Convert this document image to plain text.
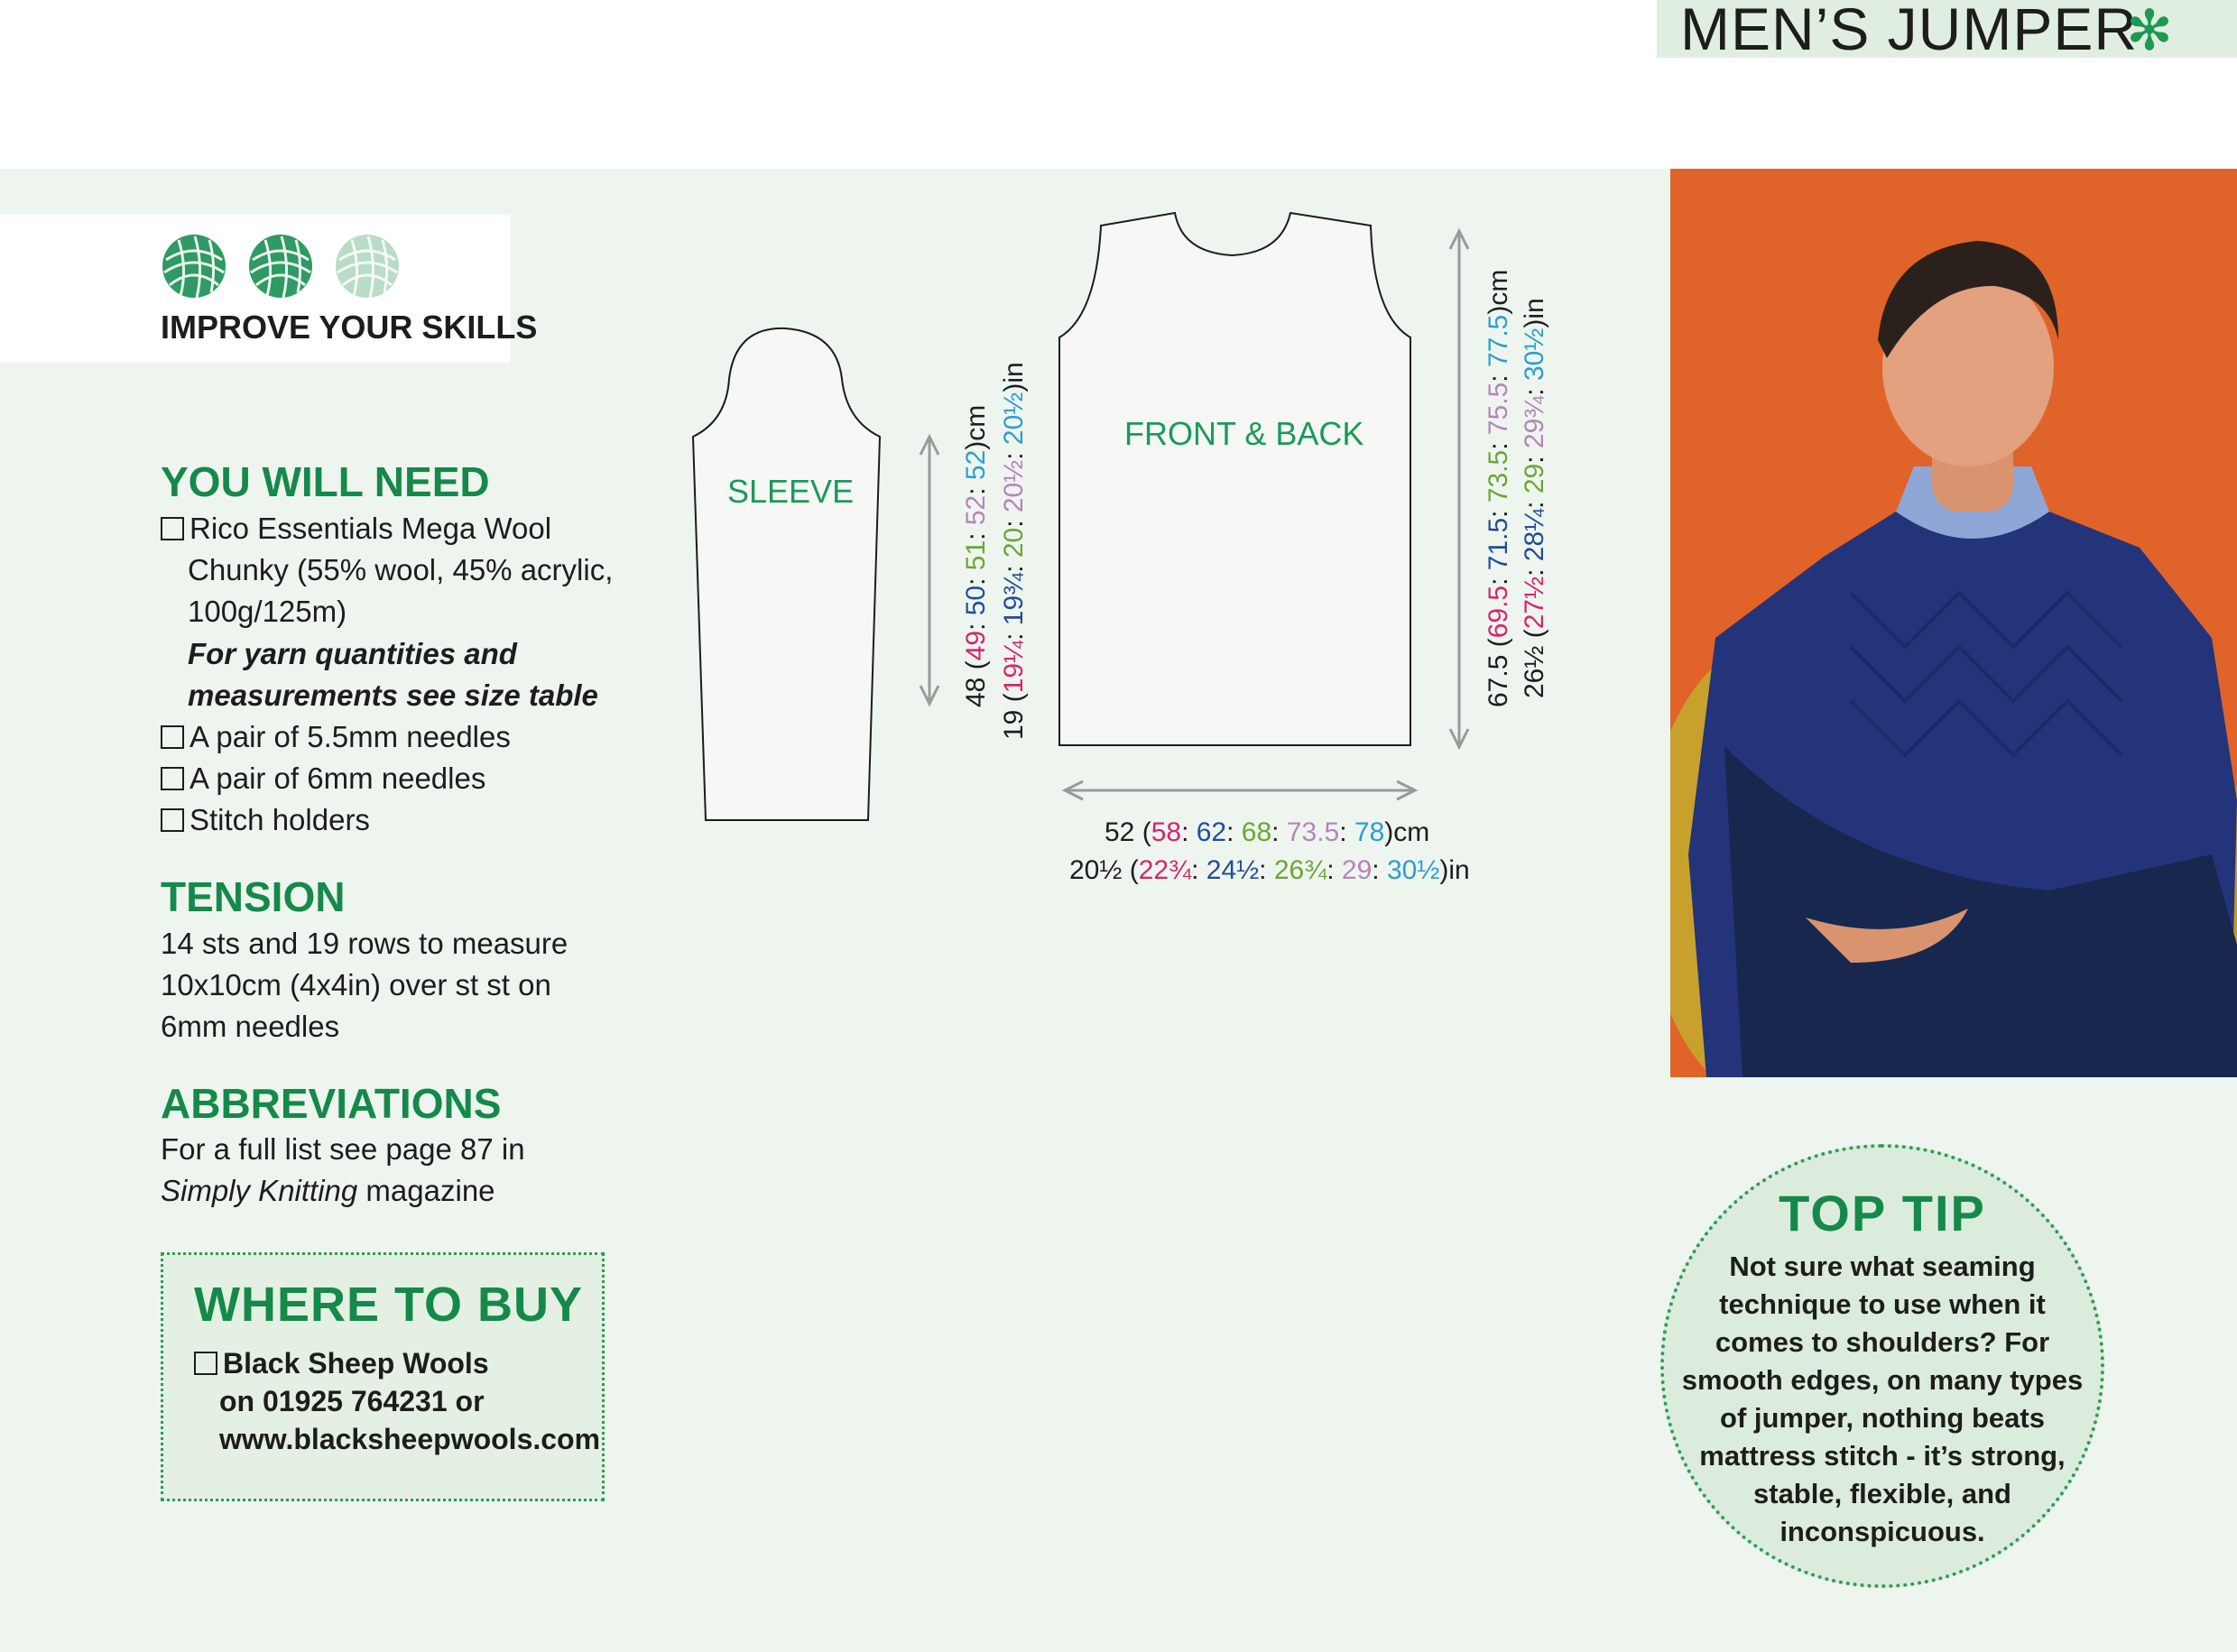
MEN’S JUMPER
✻
IMPROVE YOUR SKILLS
YOU WILL NEED
Rico Essentials Mega Wool
Chunky (55% wool, 45% acrylic,
100g/125m)
For yarn quantities and
measurements see size table
A pair of 5.5mm needles
A pair of 6mm needles
Stitch holders
TENSION
14 sts and 19 rows to measure
10x10cm (4x4in) over st st on
6mm needles
ABBREVIATIONS
For a full list see page 87 in
Simply Knitting magazine
WHERE TO BUY
Black Sheep Wools
on 01925 764231 or
www.blacksheepwools.com
SLEEVE
FRONT & BACK
48 (49: 50: 51: 52: 52)cm
19 (19¼: 19¾: 20: 20½: 20½)in
67.5 (69.5: 71.5: 73.5: 75.5: 77.5)cm
26½ (27½: 28¼: 29: 29¾: 30½)in
52 (58: 62: 68: 73.5: 78)cm
20½ (22¾: 24½: 26¾: 29: 30½)in
TOP TIP
Not sure what seaming
technique to use when it
comes to shoulders? For
smooth edges, on many types
of jumper, nothing beats
mattress stitch - it’s strong,
stable, flexible, and
inconspicuous.
